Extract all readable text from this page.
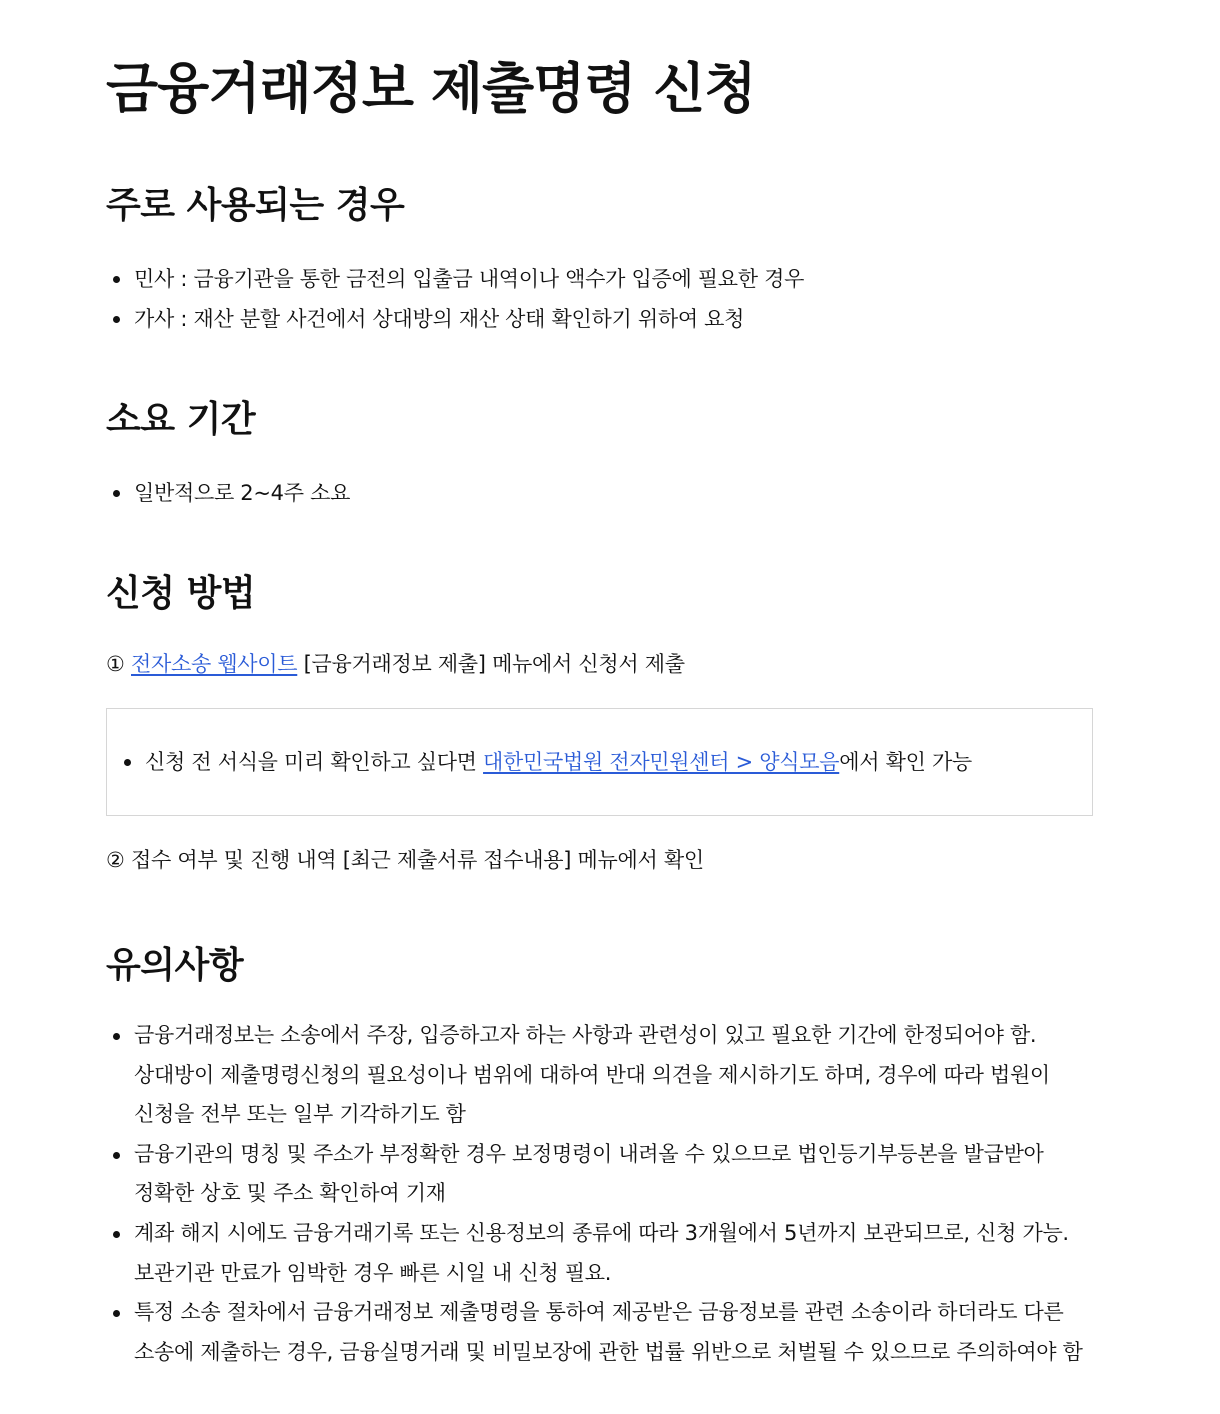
금융거래정보 제출명령 신청
주로 사용되는 경우
민사 : 금융기관을 통한 금전의 입출금 내역이나 액수가 입증에 필요한 경우
가사 : 재산 분할 사건에서 상대방의 재산 상태 확인하기 위하여 요청
소요 기간
일반적으로 2~4주 소요
신청 방법
① 전자소송 웹사이트 [금융거래정보 제출] 메뉴에서 신청서 제출
신청 전 서식을 미리 확인하고 싶다면 대한민국법원 전자민원센터 > 양식모음에서 확인 가능
② 접수 여부 및 진행 내역 [최근 제출서류 접수내용] 메뉴에서 확인
유의사항
금융거래정보는 소송에서 주장, 입증하고자 하는 사항과 관련성이 있고 필요한 기간에 한정되어야 함.
상대방이 제출명령신청의 필요성이나 범위에 대하여 반대 의견을 제시하기도 하며, 경우에 따라 법원이
신청을 전부 또는 일부 기각하기도 함
금융기관의 명칭 및 주소가 부정확한 경우 보정명령이 내려올 수 있으므로 법인등기부등본을 발급받아
정확한 상호 및 주소 확인하여 기재
계좌 해지 시에도 금융거래기록 또는 신용정보의 종류에 따라 3개월에서 5년까지 보관되므로, 신청 가능.
보관기관 만료가 임박한 경우 빠른 시일 내 신청 필요.
특정 소송 절차에서 금융거래정보 제출명령을 통하여 제공받은 금융정보를 관련 소송이라 하더라도 다른
소송에 제출하는 경우, 금융실명거래 및 비밀보장에 관한 법률 위반으로 처벌될 수 있으므로 주의하여야 함
